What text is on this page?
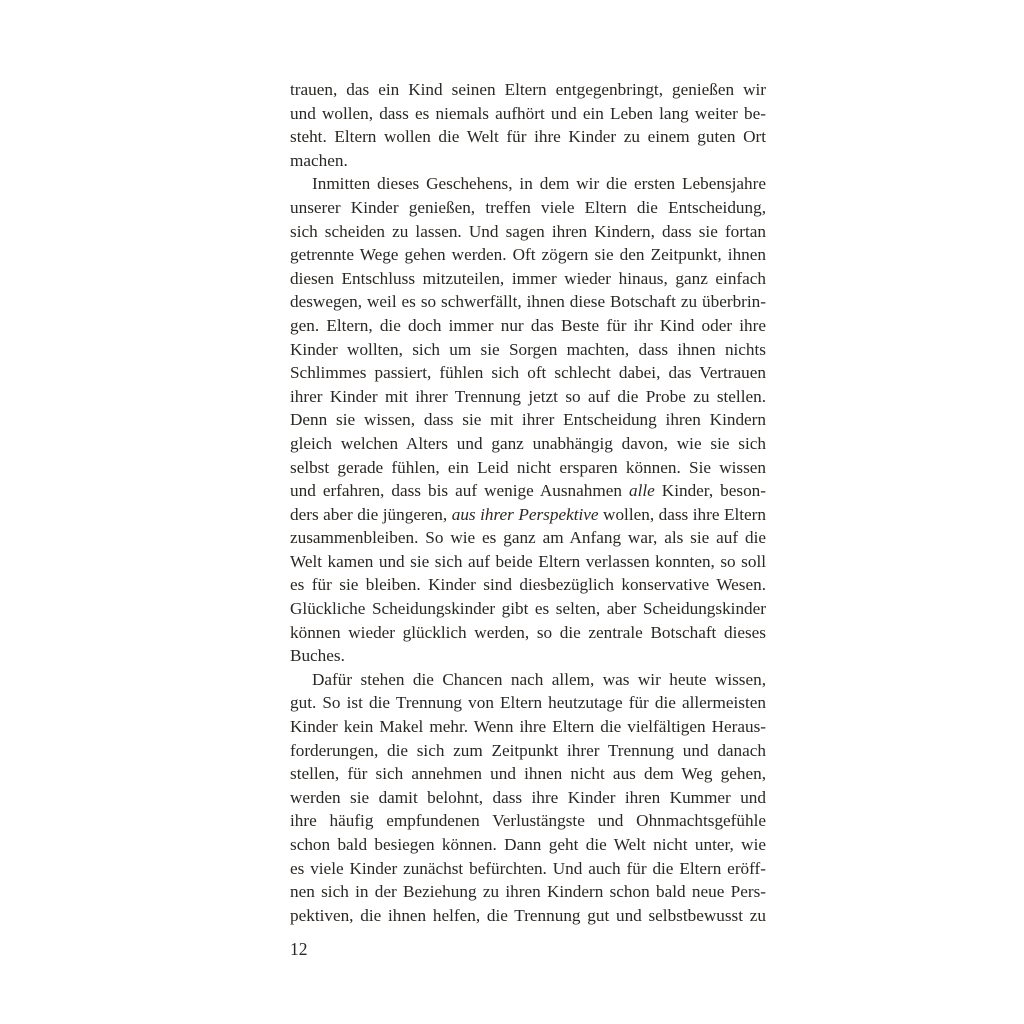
trauen, das ein Kind seinen Eltern entgegenbringt, genießen wir
und wollen, dass es niemals aufhört und ein Leben lang weiter be-
steht. Eltern wollen die Welt für ihre Kinder zu einem guten Ort
machen.
Inmitten dieses Geschehens, in dem wir die ersten Lebensjahre
unserer Kinder genießen, treffen viele Eltern die Entscheidung,
sich scheiden zu lassen. Und sagen ihren Kindern, dass sie fortan
getrennte Wege gehen werden. Oft zögern sie den Zeitpunkt, ihnen
diesen Entschluss mitzuteilen, immer wieder hinaus, ganz einfach
deswegen, weil es so schwerfällt, ihnen diese Botschaft zu überbrin-
gen. Eltern, die doch immer nur das Beste für ihr Kind oder ihre
Kinder wollten, sich um sie Sorgen machten, dass ihnen nichts
Schlimmes passiert, fühlen sich oft schlecht dabei, das Vertrauen
ihrer Kinder mit ihrer Trennung jetzt so auf die Probe zu stellen.
Denn sie wissen, dass sie mit ihrer Entscheidung ihren Kindern
gleich welchen Alters und ganz unabhängig davon, wie sie sich
selbst gerade fühlen, ein Leid nicht ersparen können. Sie wissen
und erfahren, dass bis auf wenige Ausnahmen alle Kinder, beson-
ders aber die jüngeren, aus ihrer Perspektive wollen, dass ihre Eltern
zusammenbleiben. So wie es ganz am Anfang war, als sie auf die
Welt kamen und sie sich auf beide Eltern verlassen konnten, so soll
es für sie bleiben. Kinder sind diesbezüglich konservative Wesen.
Glückliche Scheidungskinder gibt es selten, aber Scheidungskinder
können wieder glücklich werden, so die zentrale Botschaft dieses
Buches.
Dafür stehen die Chancen nach allem, was wir heute wissen,
gut. So ist die Trennung von Eltern heutzutage für die allermeisten
Kinder kein Makel mehr. Wenn ihre Eltern die vielfältigen Heraus-
forderungen, die sich zum Zeitpunkt ihrer Trennung und danach
stellen, für sich annehmen und ihnen nicht aus dem Weg gehen,
werden sie damit belohnt, dass ihre Kinder ihren Kummer und
ihre häufig empfundenen Verlustängste und Ohnmachtsgefühle
schon bald besiegen können. Dann geht die Welt nicht unter, wie
es viele Kinder zunächst befürchten. Und auch für die Eltern eröff-
nen sich in der Beziehung zu ihren Kindern schon bald neue Pers-
pektiven, die ihnen helfen, die Trennung gut und selbstbewusst zu
12
